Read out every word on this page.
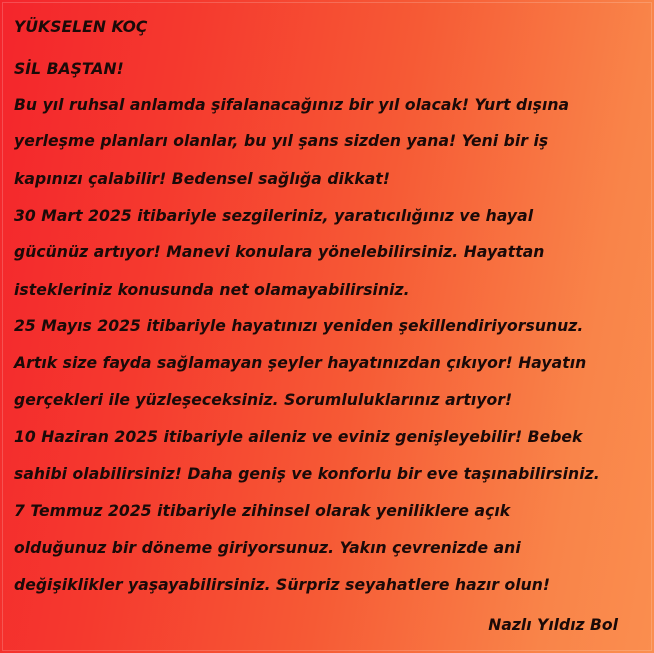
YÜKSELEN KOÇ
SİL BAŞTAN!
Bu yıl ruhsal anlamda şifalanacağınız bir yıl olacak! Yurt dışına
yerleşme planları olanlar, bu yıl şans sizden yana! Yeni bir iş
kapınızı çalabilir! Bedensel sağlığa dikkat!
30 Mart 2025 itibariyle sezgileriniz, yaratıcılığınız ve hayal
gücünüz artıyor! Manevi konulara yönelebilirsiniz. Hayattan
istekleriniz konusunda net olamayabilirsiniz.
25 Mayıs 2025 itibariyle hayatınızı yeniden şekillendiriyorsunuz.
Artık size fayda sağlamayan şeyler hayatınızdan çıkıyor! Hayatın
gerçekleri ile yüzleşeceksiniz. Sorumluluklarınız artıyor!
10 Haziran 2025 itibariyle aileniz ve eviniz genişleyebilir! Bebek
sahibi olabilirsiniz! Daha geniş ve konforlu bir eve taşınabilirsiniz.
7 Temmuz 2025 itibariyle zihinsel olarak yeniliklere açık
olduğunuz bir döneme giriyorsunuz. Yakın çevrenizde ani
değişiklikler yaşayabilirsiniz. Sürpriz seyahatlere hazır olun!
Nazlı Yıldız Bol
